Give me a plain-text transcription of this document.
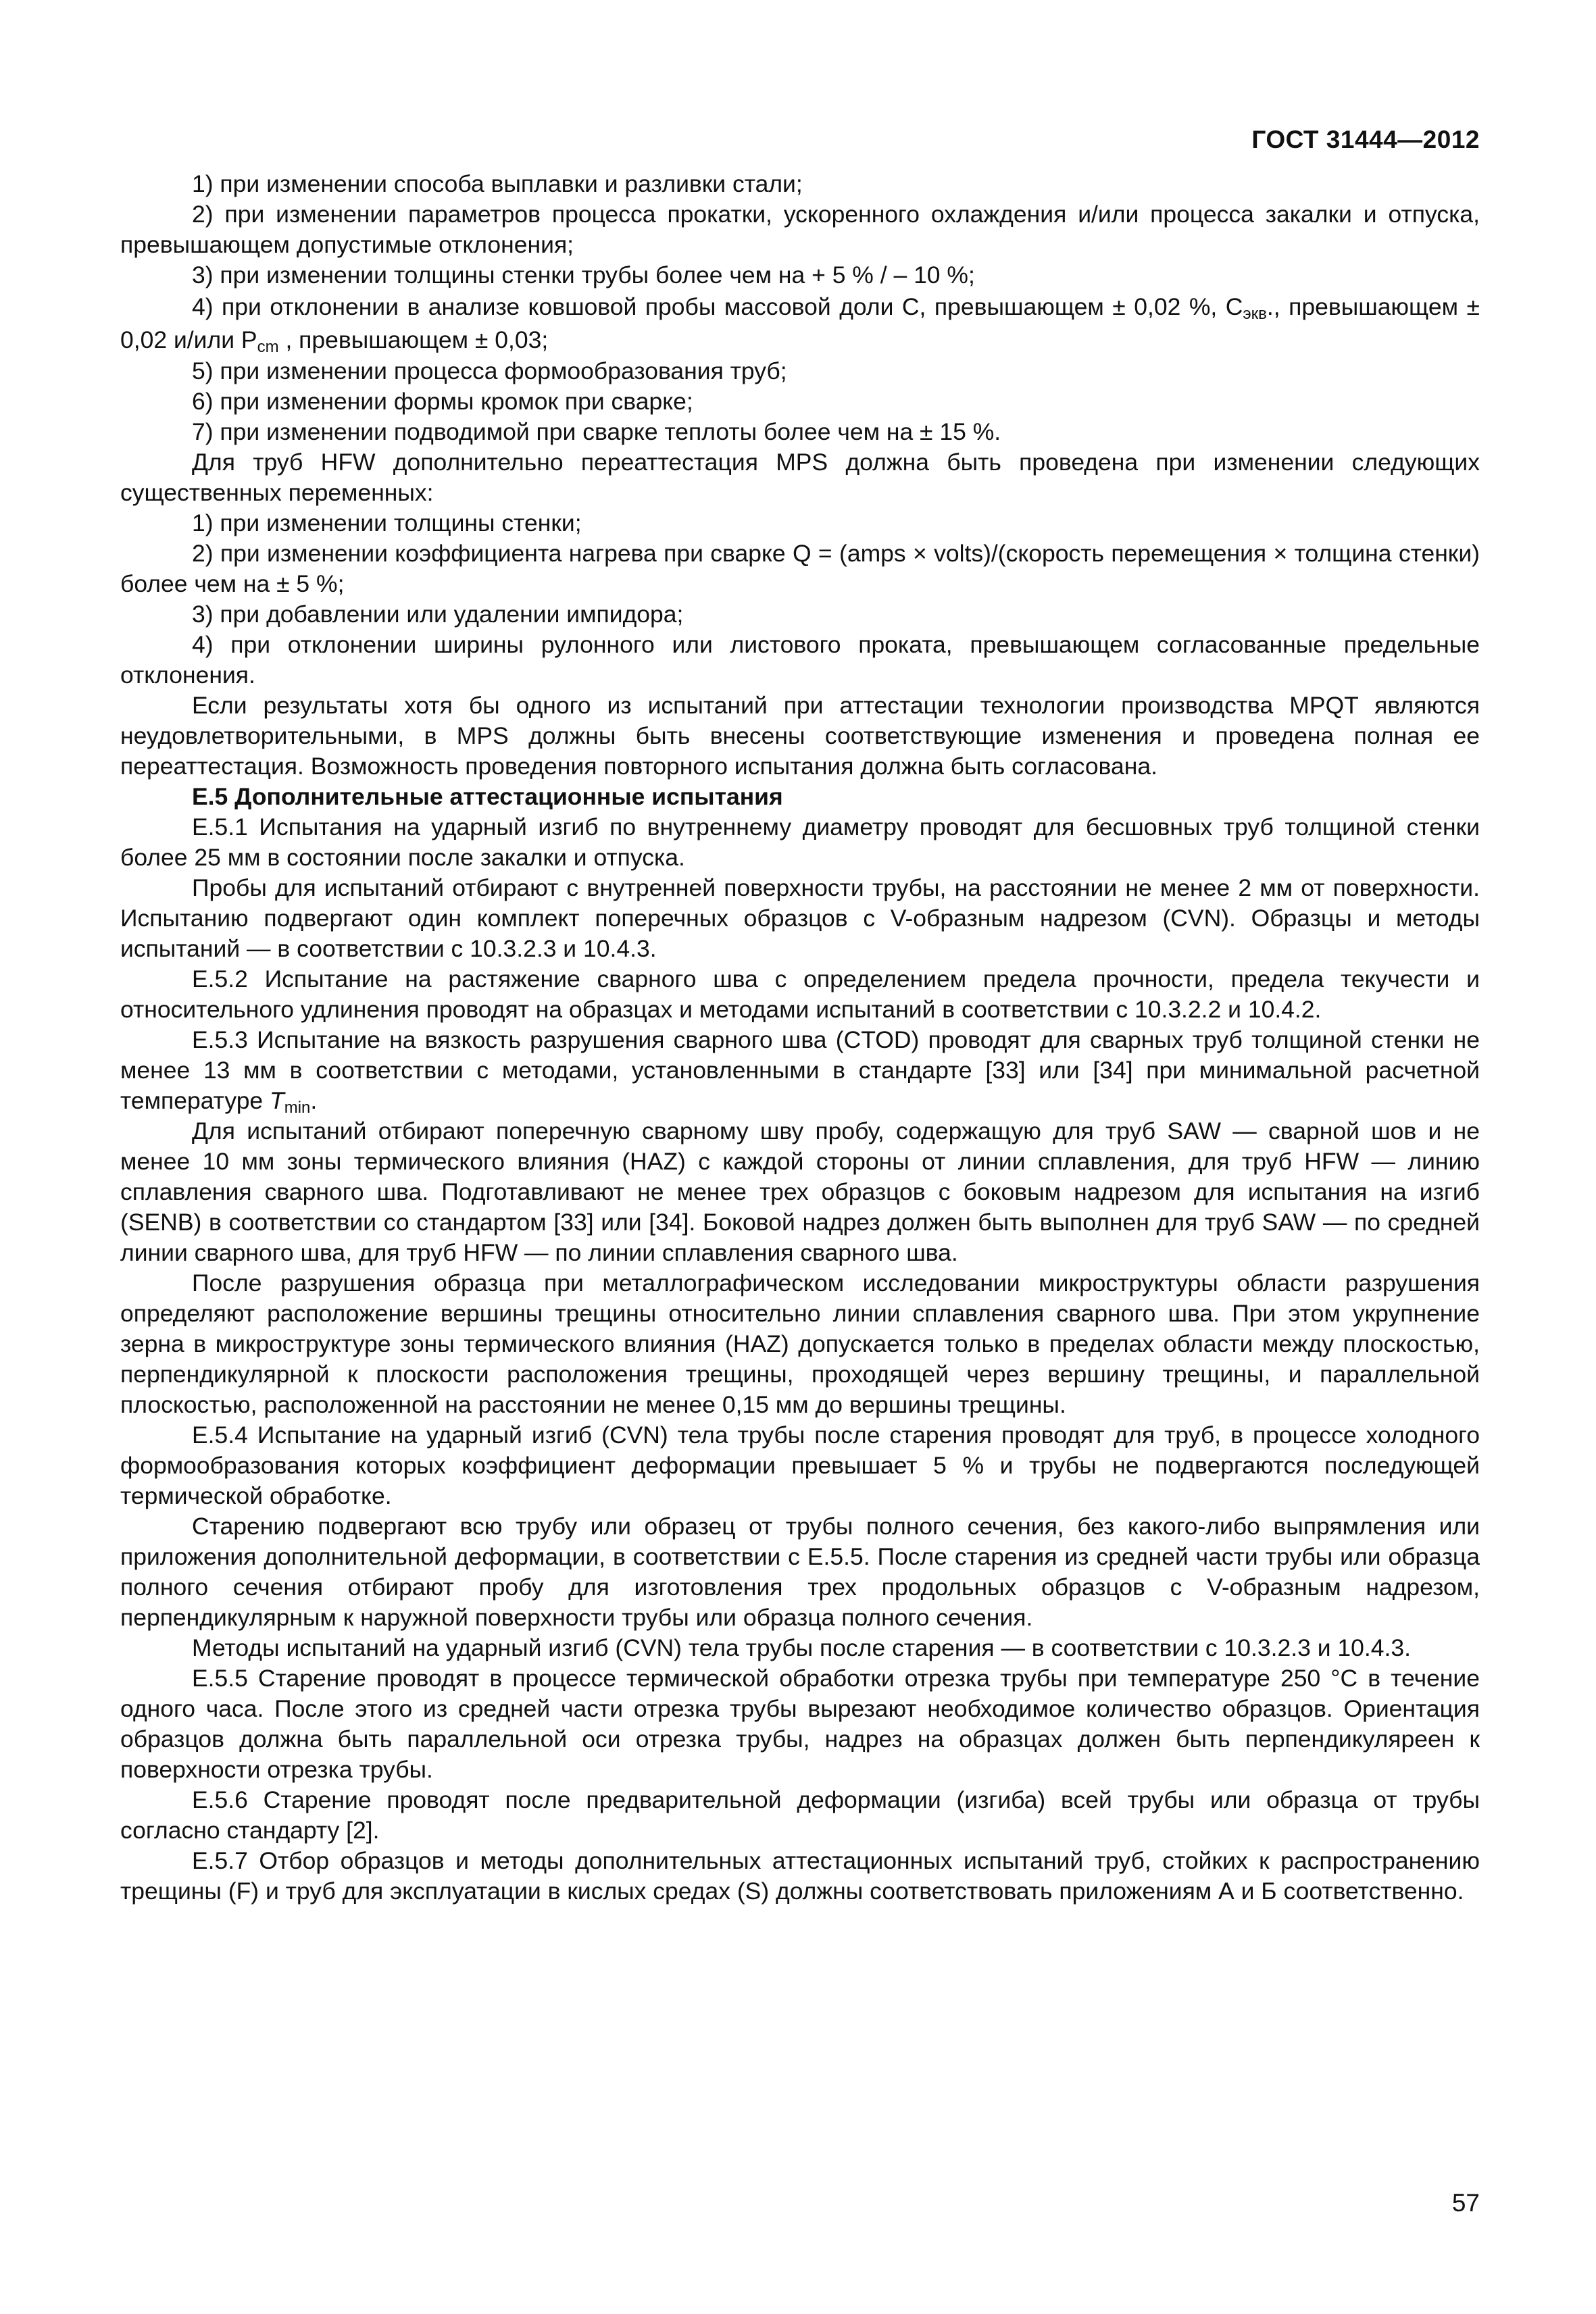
ГОСТ 31444—2012

1) при изменении способа выплавки и разливки стали;

2) при изменении параметров процесса прокатки, ускоренного охлаждения и/или процесса закалки и отпуска, превышающем допустимые отклонения;

3) при изменении толщины стенки трубы более чем на + 5 % / – 10 %;

4) при отклонении в анализе ковшовой пробы массовой доли С, превышающем ± 0,02 %, $С_{экв}$., превышающем ± 0,02 и/или $Р_{cm}$ , превышающем ± 0,03;

5) при изменении процесса формообразования труб;

6) при изменении формы кромок при сварке;

7) при изменении подводимой при сварке теплоты более чем на ± 15 %.

Для труб HFW дополнительно переаттестация MPS должна быть проведена при изменении следующих существенных переменных:

1) при изменении толщины стенки;

2) при изменении коэффициента нагрева при сварке Q = (amps × volts)/(скорость перемещения × толщина стенки) более чем на ± 5 %;

3) при добавлении или удалении импидора;

4) при отклонении ширины рулонного или листового проката, превышающем согласованные предельные отклонения.

Если результаты хотя бы одного из испытаний при аттестации технологии производства MPQT являются неудовлетворительными, в MPS должны быть внесены соответствующие изменения и проведена полная ее переаттестация. Возможность проведения повторного испытания должна быть согласована.

Е.5 Дополнительные аттестационные испытания

Е.5.1 Испытания на ударный изгиб по внутреннему диаметру проводят для бесшовных труб толщиной стенки более 25 мм в состоянии после закалки и отпуска.

Пробы для испытаний отбирают с внутренней поверхности трубы, на расстоянии не менее 2 мм от поверхности. Испытанию подвергают один комплект поперечных образцов с V-образным надрезом (CVN). Образцы и методы испытаний — в соответствии с 10.3.2.3 и 10.4.3.

Е.5.2 Испытание на растяжение сварного шва с определением предела прочности, предела текучести и относительного удлинения проводят на образцах и методами испытаний в соответствии с 10.3.2.2 и 10.4.2.

Е.5.3 Испытание на вязкость разрушения сварного шва (CTOD) проводят для сварных труб толщиной стенки не менее 13 мм в соответствии с методами, установленными в стандарте [33] или [34] при минимальной расчетной температуре $T_{min}$.

Для испытаний отбирают поперечную сварному шву пробу, содержащую для труб SAW — сварной шов и не менее 10 мм зоны термического влияния (HAZ) с каждой стороны от линии сплавления, для труб HFW — линию сплавления сварного шва. Подготавливают не менее трех образцов с боковым надрезом для испытания на изгиб (SENB) в соответствии со стандартом [33] или [34]. Боковой надрез должен быть выполнен для труб SAW — по средней линии сварного шва, для труб HFW — по линии сплавления сварного шва.

После разрушения образца при металлографическом исследовании микроструктуры области разрушения определяют расположение вершины трещины относительно линии сплавления сварного шва. При этом укрупнение зерна в микроструктуре зоны термического влияния (HAZ) допускается только в пределах области между плоскостью, перпендикулярной к плоскости расположения трещины, проходящей через вершину трещины, и параллельной плоскостью, расположенной на расстоянии не менее 0,15 мм до вершины трещины.

Е.5.4 Испытание на ударный изгиб (CVN) тела трубы после старения проводят для труб, в процессе холодного формообразования которых коэффициент деформации превышает 5 % и трубы не подвергаются последующей термической обработке.

Старению подвергают всю трубу или образец от трубы полного сечения, без какого-либо выпрямления или приложения дополнительной деформации, в соответствии с Е.5.5. После старения из средней части трубы или образца полного сечения отбирают пробу для изготовления трех продольных образцов с V-образным надрезом, перпендикулярным к наружной поверхности трубы или образца полного сечения.

Методы испытаний на ударный изгиб (CVN) тела трубы после старения — в соответствии с 10.3.2.3 и 10.4.3.

Е.5.5 Старение проводят в процессе термической обработки отрезка трубы при температуре 250 °С в течение одного часа. После этого из средней части отрезка трубы вырезают необходимое количество образцов. Ориентация образцов должна быть параллельной оси отрезка трубы, надрез на образцах должен быть перпендикуляреен к поверхности отрезка трубы.

Е.5.6 Старение проводят после предварительной деформации (изгиба) всей трубы или образца от трубы согласно стандарту [2].

Е.5.7 Отбор образцов и методы дополнительных аттестационных испытаний труб, стойких к распространению трещины (F) и труб для эксплуатации в кислых средах (S) должны соответствовать приложениям А и Б соответственно.

57
